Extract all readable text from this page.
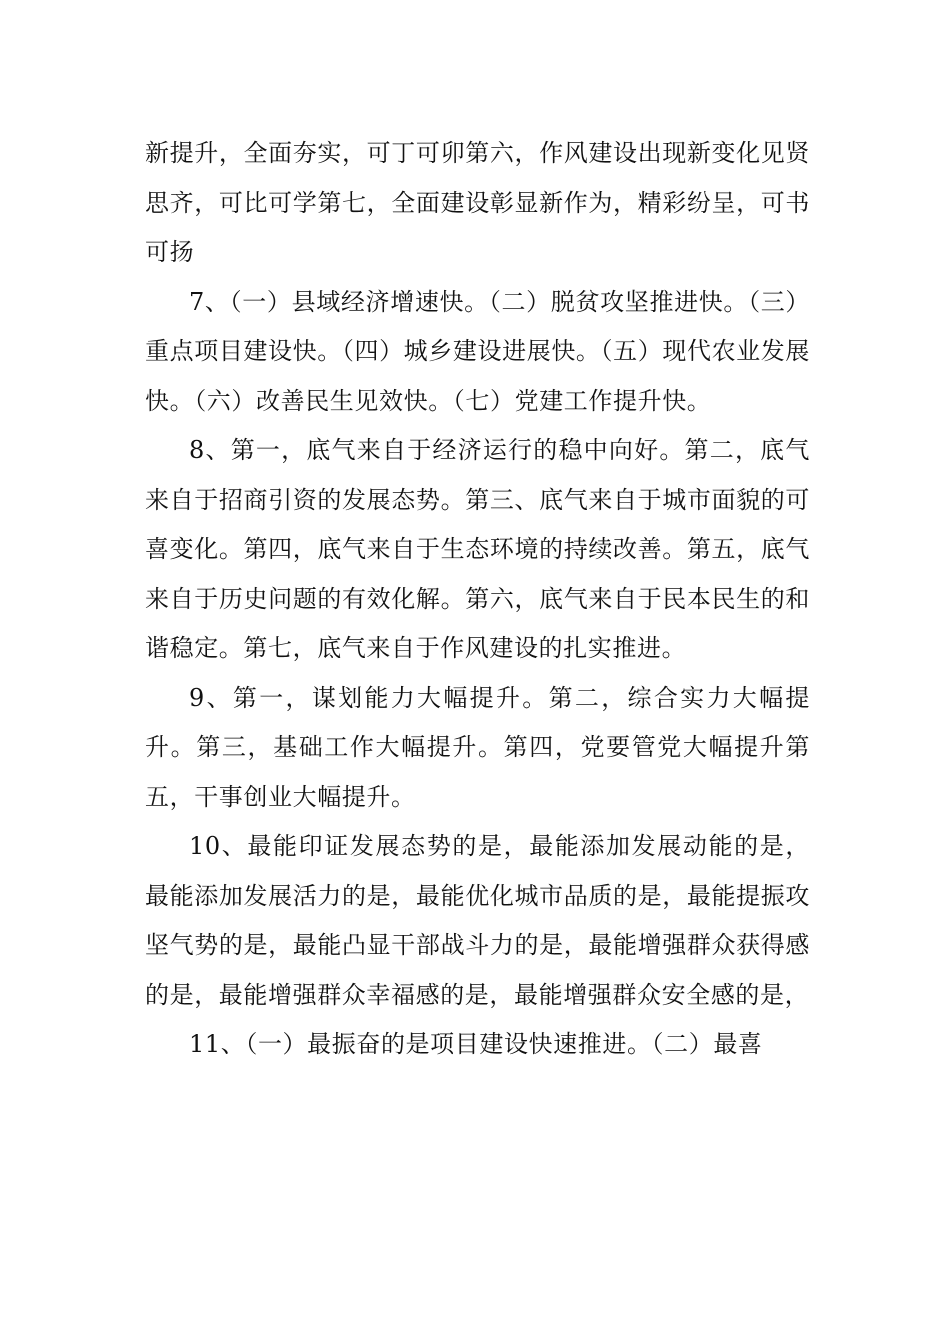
新提升，全面夯实，可丁可卯第六，作风建设出现新变化见贤思齐，可比可学第七，全面建设彰显新作为，精彩纷呈，可书可扬

7、（一）县域经济增速快。（二）脱贫攻坚推进快。（三）重点项目建设快。（四）城乡建设进展快。（五）现代农业发展快。（六）改善民生见效快。（七）党建工作提升快。

8、第一，底气来自于经济运行的稳中向好。第二，底气来自于招商引资的发展态势。第三、底气来自于城市面貌的可喜变化。第四，底气来自于生态环境的持续改善。第五，底气来自于历史问题的有效化解。第六，底气来自于民本民生的和谐稳定。第七，底气来自于作风建设的扎实推进。

9、第一，谋划能力大幅提升。第二，综合实力大幅提升。第三，基础工作大幅提升。第四，党要管党大幅提升第五，干事创业大幅提升。

10、最能印证发展态势的是，最能添加发展动能的是，最能添加发展活力的是，最能优化城市品质的是，最能提振攻坚气势的是，最能凸显干部战斗力的是，最能增强群众获得感的是，最能增强群众幸福感的是，最能增强群众安全感的是，

11、（一）最振奋的是项目建设快速推进。（二）最喜
